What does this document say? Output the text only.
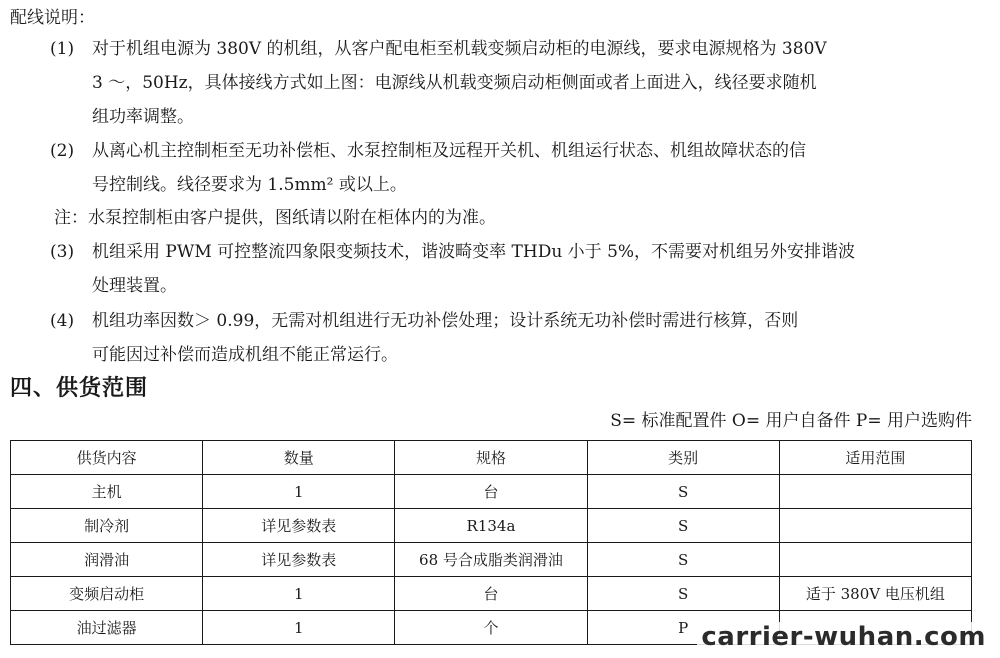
配线说明：
(1)	对于机组电源为 380V 的机组，从客户配电柜至机载变频启动柜的电源线，要求电源规格为 380V
3 ～，50Hz，具体接线方式如上图：电源线从机载变频启动柜侧面或者上面进入，线径要求随机
组功率调整。
(2)	从离心机主控制柜至无功补偿柜、水泵控制柜及远程开关机、机组运行状态、机组故障状态的信
号控制线。线径要求为 1.5mm² 或以上。
注：水泵控制柜由客户提供，图纸请以附在柜体内的为准。
(3)	机组采用 PWM 可控整流四象限变频技术，谐波畸变率 THDu 小于 5%，不需要对机组另外安排谐波
处理装置。
(4)	机组功率因数＞ 0.99，无需对机组进行无功补偿处理；设计系统无功补偿时需进行核算，否则
可能因过补偿而造成机组不能正常运行。
四、供货范围
S= 标准配置件 O= 用户自备件 P= 用户选购件
供货内容	数量	规格	类别	适用范围
主机	1	台	S	
制冷剂	详见参数表	R134a	S	
润滑油	详见参数表	68 号合成脂类润滑油	S	
变频启动柜	1	台	S	适于 380V 电压机组
油过滤器	1	个	P	carrier-wuhan.com
